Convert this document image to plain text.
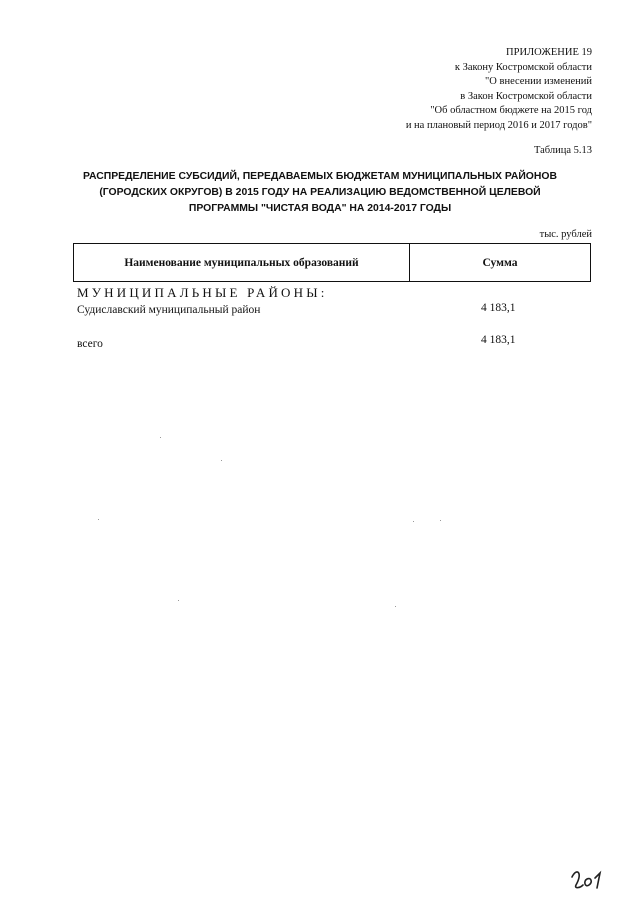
ПРИЛОЖЕНИЕ 19
к Закону Костромской области
"О внесении изменений
в Закон Костромской области
"Об областном бюджете на 2015 год
и на плановый период 2016 и 2017 годов"
Таблица 5.13
РАСПРЕДЕЛЕНИЕ СУБСИДИЙ, ПЕРЕДАВАЕМЫХ БЮДЖЕТАМ МУНИЦИПАЛЬНЫХ РАЙОНОВ
(ГОРОДСКИХ ОКРУГОВ) В 2015 ГОДУ НА РЕАЛИЗАЦИЮ ВЕДОМСТВЕННОЙ ЦЕЛЕВОЙ
ПРОГРАММЫ "ЧИСТАЯ ВОДА" НА 2014-2017 ГОДЫ
тыс. рублей
Наименование муниципальных образований	Сумма
МУНИЦИПАЛЬНЫЕ РАЙОНЫ:
Судиславский муниципальный район	4 183,1
всего	4 183,1
